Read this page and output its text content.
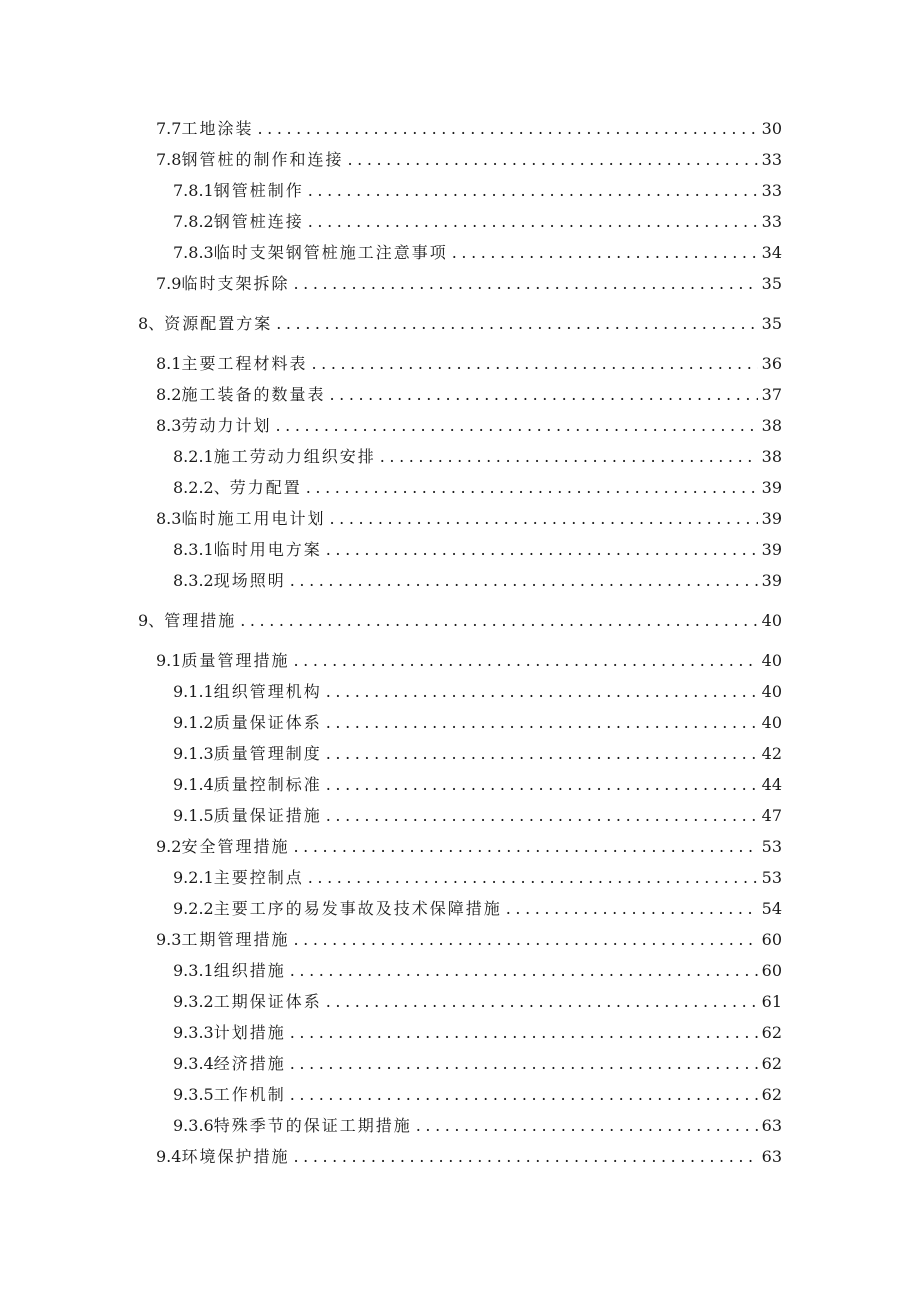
7.7 工地涂装 . . .	30
7.8 钢管桩的制作和连接 . . .	33
7.8.1 钢管桩制作 . . .	33
7.8.2 钢管桩连接 . . .	33
7.8.3 临时支架钢管桩施工注意事项 . . .	34
7.9 临时支架拆除 . . .	35
8、 资源配置方案 . . .	35
8.1 主要工程材料表 . . .	36
8.2 施工装备的数量表 . . .	37
8.3 劳动力计划 . . .	38
8.2.1 施工劳动力组织安排 . . .	38
8.2.2、 劳力配置 . . .	39
8.3 临时施工用电计划 . . .	39
8.3.1 临时用电方案 . . .	39
8.3.2 现场照明 . . .	39
9、 管理措施 . . .	40
9.1 质量管理措施 . . .	40
9.1.1 组织管理机构 . . .	40
9.1.2 质量保证体系 . . .	40
9.1.3 质量管理制度 . . .	42
9.1.4 质量控制标准 . . .	44
9.1.5 质量保证措施 . . .	47
9.2 安全管理措施 . . .	53
9.2.1 主要控制点 . . .	53
9.2.2 主要工序的易发事故及技术保障措施 . . .	54
9.3 工期管理措施 . . .	60
9.3.1 组织措施 . . .	60
9.3.2 工期保证体系 . . .	61
9.3.3 计划措施 . . .	62
9.3.4 经济措施 . . .	62
9.3.5 工作机制 . . .	62
9.3.6 特殊季节的保证工期措施 . . .	63
9.4 环境保护措施 . . .	63
